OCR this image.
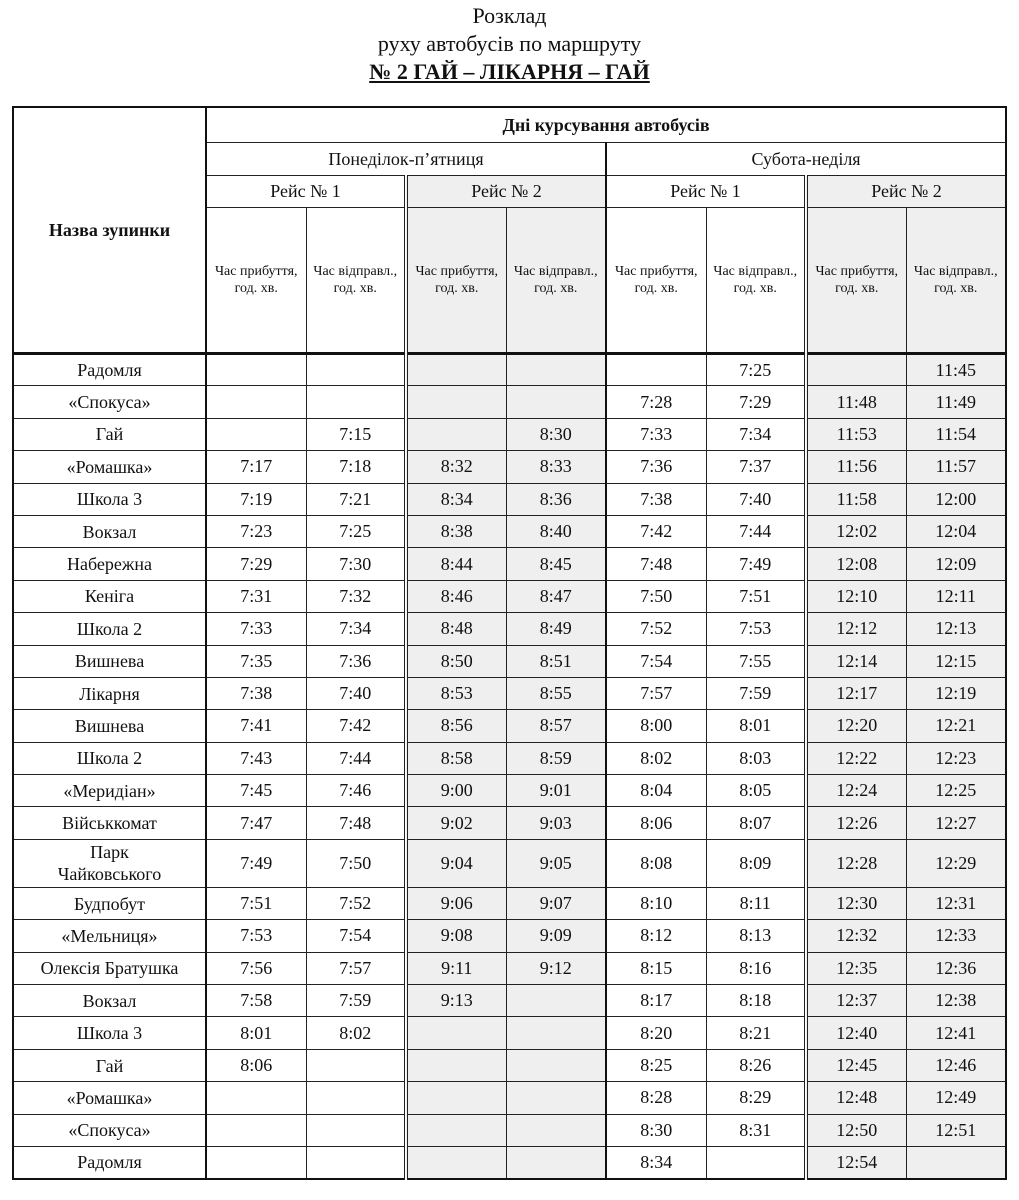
Розклад
руху автобусів по маршруту
№ 2 ГАЙ – ЛІКАРНЯ – ГАЙ
Назва зупинки	Дні курсування автобусів							
	Понеділок-п’ятниця				Субота-неділя			
	Рейс № 1		Рейс № 2		Рейс № 1		Рейс № 2	
	Час прибуття, год. хв.	Час відправл., год. хв.	Час прибуття, год. хв.	Час відправл., год. хв.	Час прибуття, год. хв.	Час відправл., год. хв.	Час прибуття, год. хв.	Час відправл., год. хв.
Радомля						7:25		11:45
«Спокуса»					7:28	7:29	11:48	11:49
Гай		7:15		8:30	7:33	7:34	11:53	11:54
«Ромашка»	7:17	7:18	8:32	8:33	7:36	7:37	11:56	11:57
Школа 3	7:19	7:21	8:34	8:36	7:38	7:40	11:58	12:00
Вокзал	7:23	7:25	8:38	8:40	7:42	7:44	12:02	12:04
Набережна	7:29	7:30	8:44	8:45	7:48	7:49	12:08	12:09
Кеніга	7:31	7:32	8:46	8:47	7:50	7:51	12:10	12:11
Школа 2	7:33	7:34	8:48	8:49	7:52	7:53	12:12	12:13
Вишнева	7:35	7:36	8:50	8:51	7:54	7:55	12:14	12:15
Лікарня	7:38	7:40	8:53	8:55	7:57	7:59	12:17	12:19
Вишнева	7:41	7:42	8:56	8:57	8:00	8:01	12:20	12:21
Школа 2	7:43	7:44	8:58	8:59	8:02	8:03	12:22	12:23
«Меридіан»	7:45	7:46	9:00	9:01	8:04	8:05	12:24	12:25
Військкомат	7:47	7:48	9:02	9:03	8:06	8:07	12:26	12:27
Парк Чайковського	7:49	7:50	9:04	9:05	8:08	8:09	12:28	12:29
Будпобут	7:51	7:52	9:06	9:07	8:10	8:11	12:30	12:31
«Мельниця»	7:53	7:54	9:08	9:09	8:12	8:13	12:32	12:33
Олексія Братушка	7:56	7:57	9:11	9:12	8:15	8:16	12:35	12:36
Вокзал	7:58	7:59	9:13		8:17	8:18	12:37	12:38
Школа 3	8:01	8:02			8:20	8:21	12:40	12:41
Гай	8:06				8:25	8:26	12:45	12:46
«Ромашка»					8:28	8:29	12:48	12:49
«Спокуса»					8:30	8:31	12:50	12:51
Радомля					8:34		12:54	
